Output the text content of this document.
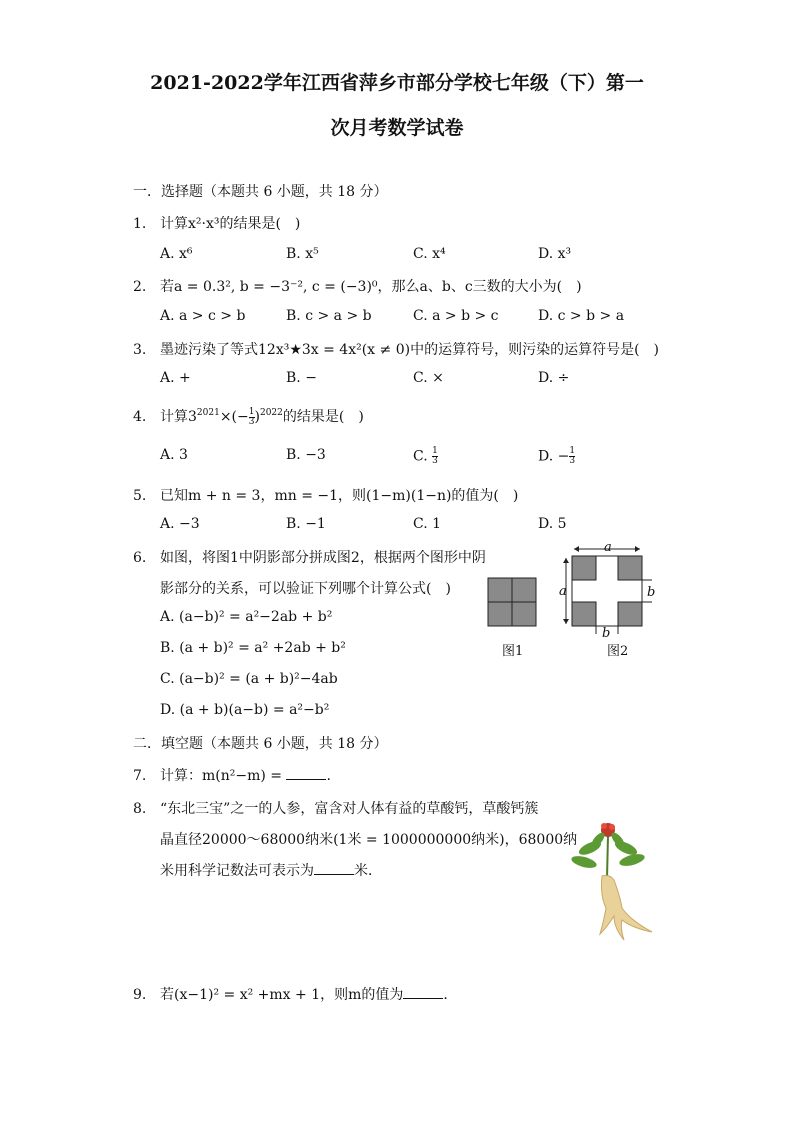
2021-2022学年江西省萍乡市部分学校七年级（下）第一
次月考数学试卷
一．选择题（本题共 6 小题，共 18 分）
1. 计算x²·x³的结果是(　)
A. x⁶	B. x⁵	C. x⁴	D. x³
2. 若a = 0.3², b = −3⁻², c = (−3)⁰，那么a、b、c三数的大小为(　)
A. a > c > b	B. c > a > b	C. a > b > c	D. c > b > a
3. 墨迹污染了等式12x³★3x = 4x²(x ≠ 0)中的运算符号，则污染的运算符号是(　)
A. +	B. −	C. ×	D. ÷
4. 计算$3^{2021}\times(- \frac{1}{3} )^{2022}$的结果是(　)
A. 3	B. −3	C. $\frac{1}{3}$	D. − $\frac{1}{3}$
5. 已知m + n = 3，mn = −1，则(1−m)(1−n)的值为(　)
A. −3	B. −1	C. 1	D. 5
6. 如图，将图1中阴影部分拼成图2，根据两个图形中阴
影部分的关系，可以验证下列哪个计算公式(　)
A. (a−b)² = a²−2ab + b²
B. (a + b)² = a² +2ab + b²
C. (a−b)² = (a + b)²−4ab
D. (a + b)(a−b) = a²−b²
a
a	b
b
图1	图2
二．填空题（本题共 6 小题，共 18 分）
7. 计算：m(n²−m) =	.
8. “东北三宝”之一的人参，富含对人体有益的草酸钙，草酸钙簇
晶直径20000～68000纳米(1米 = 1000000000纳米)，68000纳
米用科学记数法可表示为	米．
9. 若(x−1)² = x² +mx + 1，则m的值为	．
